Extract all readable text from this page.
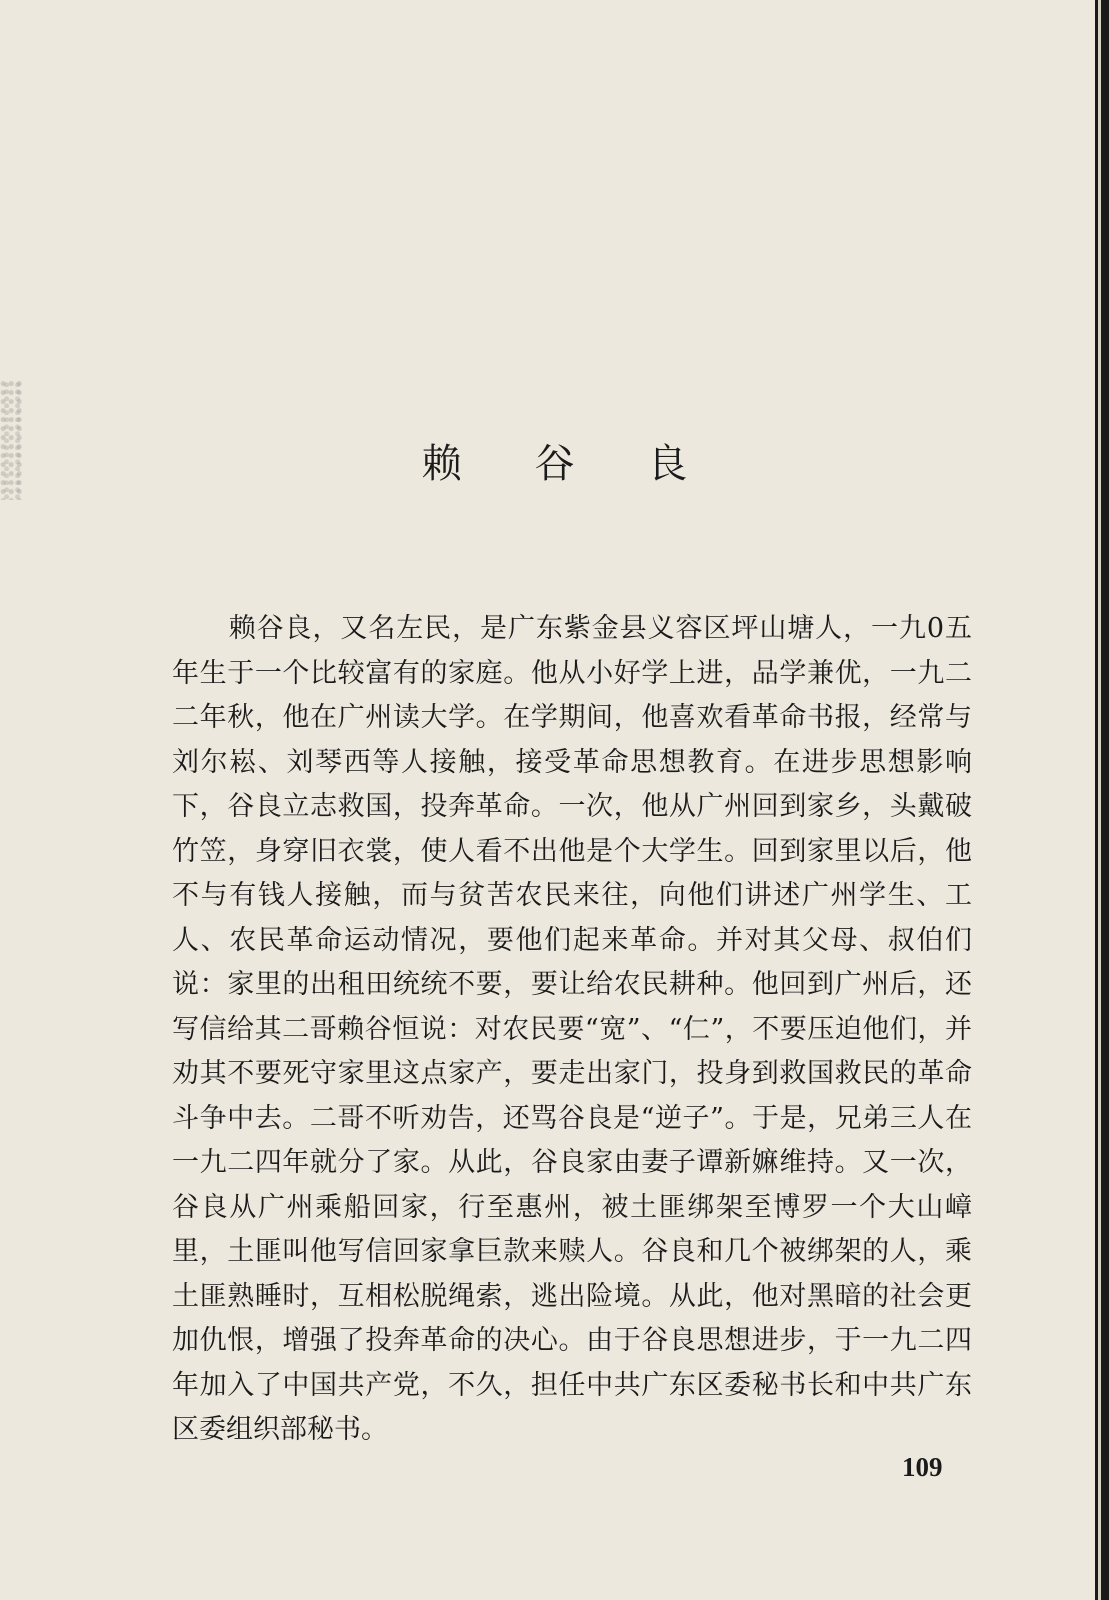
赖 谷 良

赖谷良，又名左民，是广东紫金县义容区坪山塘人，一九0五年生于一个比较富有的家庭。他从小好学上进，品学兼优，一九二二年秋，他在广州读大学。在学期间，他喜欢看革命书报，经常与刘尔崧、刘琴西等人接触，接受革命思想教育。在进步思想影响下，谷良立志救国，投奔革命。一次，他从广州回到家乡，头戴破竹笠，身穿旧衣裳，使人看不出他是个大学生。回到家里以后，他不与有钱人接触，而与贫苦农民来往，向他们讲述广州学生、工人、农民革命运动情况，要他们起来革命。并对其父母、叔伯们说：家里的出租田统统不要，要让给农民耕种。他回到广州后，还写信给其二哥赖谷恒说：对农民要“宽”、“仁”，不要压迫他们，并劝其不要死守家里这点家产，要走出家门，投身到救国救民的革命斗争中去。二哥不听劝告，还骂谷良是“逆子”。于是，兄弟三人在一九二四年就分了家。从此，谷良家由妻子谭新嫲维持。又一次，谷良从广州乘船回家，行至惠州，被土匪绑架至博罗一个大山嶂里，土匪叫他写信回家拿巨款来赎人。谷良和几个被绑架的人，乘土匪熟睡时，互相松脱绳索，逃出险境。从此，他对黑暗的社会更加仇恨，增强了投奔革命的决心。由于谷良思想进步，于一九二四年加入了中国共产党，不久，担任中共广东区委秘书长和中共广东区委组织部秘书。

109
